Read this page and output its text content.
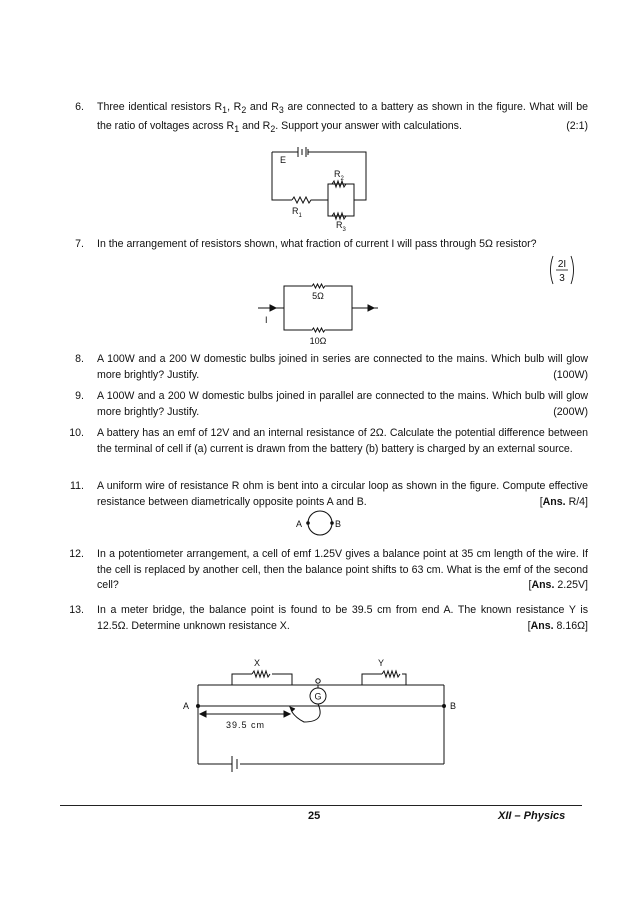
6. Three identical resistors $R_1$, $R_2$ and $R_3$ are connected to a battery as shown in the figure. What will be the ratio of voltages across $R_1$ and $R_2$. Support your answer with calculations.	(2:1)
E
$R_2$
$R_1$
$R_3$
7. In the arrangement of resistors shown, what fraction of current I will pass through 5Ω resistor?
2I
3
5Ω
10Ω
I
8. A 100W and a 200 W domestic bulbs joined in series are connected to the mains. Which bulb will glow more brightly? Justify.	(100W)
9. A 100W and a 200 W domestic bulbs joined in parallel are connected to the mains. Which bulb will glow more brightly? Justify.	(200W)
10. A battery has an emf of 12V and an internal resistance of 2Ω. Calculate the potential difference between the terminal of cell if (a) current is drawn from the battery (b) battery is charged by an external source.
11. A uniform wire of resistance R ohm is bent into a circular loop as shown in the figure. Compute effective resistance between diametrically opposite points A and B.	[Ans. R/4]
A	B
12. In a potentiometer arrangement, a cell of emf 1.25V gives a balance point at 35 cm length of the wire. If the cell is replaced by another cell, then the balance point shifts to 63 cm. What is the emf of the second cell?	[Ans. 2.25V]
13. In a meter bridge, the balance point is found to be 39.5 cm from end A. The known resistance Y is 12.5Ω. Determine unknown resistance X.	[Ans. 8.16Ω]
X	Y
G
A	B
39.5 cm
25	XII – Physics
